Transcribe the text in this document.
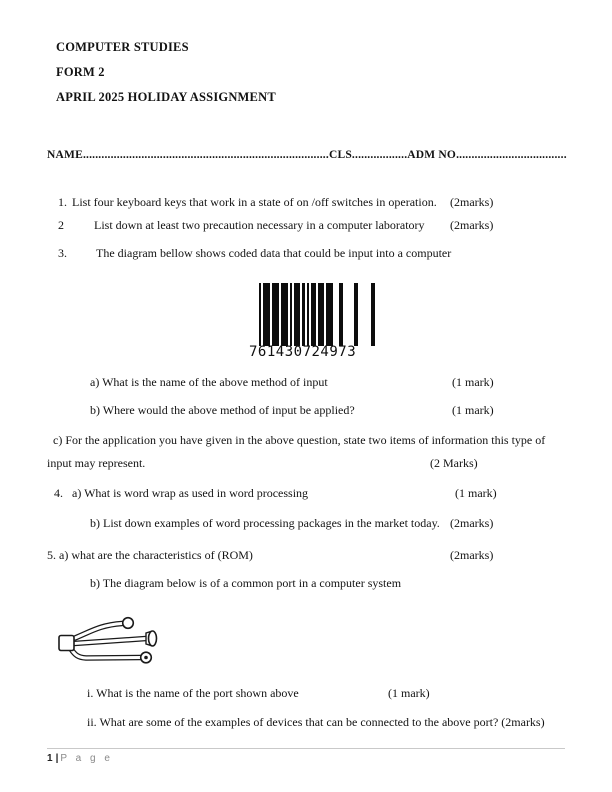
COMPUTER STUDIES
FORM 2
APRIL 2025 HOLIDAY ASSIGNMENT
NAME................................................................................CLS..................ADM NO....................................
1. List four keyboard keys that work in a state of on /off switches in operation. (2marks)
2	List down at least two precaution necessary in a computer laboratory (2marks)
3. The diagram bellow shows coded data that could be input into a computer
761430724973
a) What is the name of the above method of input	(1 mark)
b) Where would the above method of input be applied?	(1 mark)
c) For the application you have given in the above question, state two items of information this type of
input may represent.	(2 Marks)
4. a) What is word wrap as used in word processing	(1 mark)
b) List down examples of word processing packages in the market today. (2marks)
5. a) what are the characteristics of (ROM)	(2marks)
b) The diagram below is of a common port in a computer system
i. What is the name of the port shown above	(1 mark)
ii. What are some of the examples of devices that can be connected to the above port? (2marks)
1 | P a g e
